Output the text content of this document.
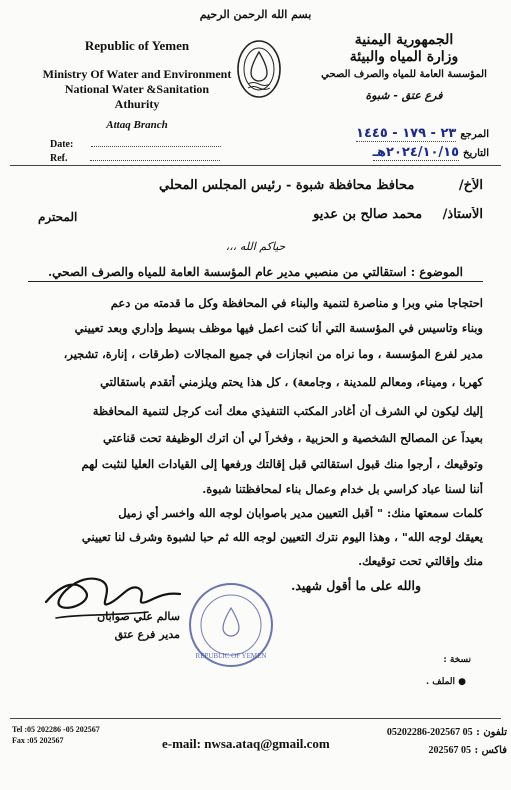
بسم الله الرحمن الرحيم
Republic of Yemen
Ministry Of Water and Environment
National Water &Sanitation Athurity
Attaq Branch
الجمهورية اليمنية
وزارة المياه والبيئة
المؤسسة العامة للمياه والصرف الصحي
فرع عتق - شبوة
Date:
Ref.
المرجع
٢٣ - ١٧٩ - ١٤٤٥
التاريخ
٢٠٢٤/١٠/١٥هـ
الأخ/ محافظ محافظة شبوة - رئيس المجلس المحلي
الأستاذ/ محمد صالح بن عديو
المحترم
حياكم الله ،،،
الموضوع : استقالتي من منصبي مدير عام المؤسسة العامة للمياه والصرف الصحي.
احتجاجا مني وبرا و مناصرة لتنمية والبناء في المحافظة وكل ما قدمته من دعم
وبناء وتاسيس في المؤسسة التي أنا كنت اعمل فيها موظف بسيط وإداري وبعد تعييني
مدير لفرع المؤسسة ، وما نراه من انجازات في جميع المجالات (طرقات ، إنارة، تشجير،
كهربا ، وميناء، ومعالم للمدينة ، وجامعة) ، كل هذا يحتم ويلزمني أتقدم باستقالتي
إليك ليكون لي الشرف أن أغادر المكتب التنفيذي معك أنت كرجل لتنمية المحافظة
بعيداً عن المصالح الشخصية و الحزبية ، وفخراً لي أن اترك الوظيفة تحت قناعتي
وتوقيعك ، أرجوا منك قبول استقالتي قبل إقالتك ورفعها إلى القيادات العليا لنثبت لهم
أننا لسنا عباد كراسي بل خدام وعمال بناء لمحافظتنا شبوة.
كلمات سمعتها منك: " أقبل التعيين مدير باصوابان لوجه الله واخسر أي زميل
يعيقك لوجه الله" ، وهذا اليوم نترك التعيين لوجه الله ثم حبا لشبوة وشرف لنا تعييني
منك وإقالتي تحت توقيعك.
والله على ما أقول شهيد.
سالم علي صوابان
مدير فرع عتق
REPUBLIC OF YEMEN	نسخة :
● الملف .
Tel :05 202286 -05 202567
Fax :05 202567	e-mail: nwsa.ataq@gmail.com
تلفون : 05 202567-05202286
فاكس : 05 202567
